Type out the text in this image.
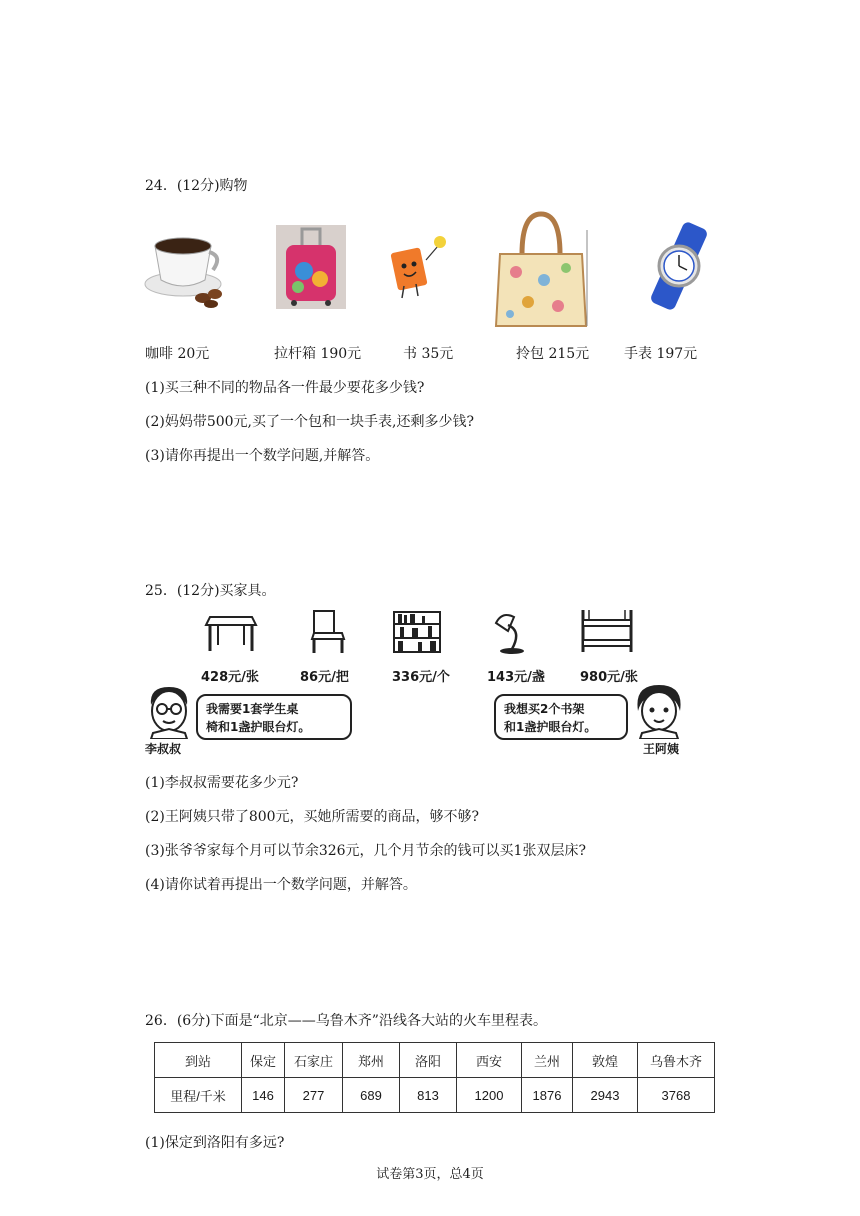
24．(12分)购物
咖啡 20元	拉杆箱 190元	书 35元	拎包 215元 手表 197元
(1)买三种不同的物品各一件最少要花多少钱?
(2)妈妈带500元,买了一个包和一块手表,还剩多少钱?
(3)请你再提出一个数学问题,并解答。
25．(12分)买家具。
428元/张	86元/把	336元/个	143元/盏	980元/张
李叔叔
我需要1套学生桌
椅和1盏护眼台灯。
我想买2个书架
和1盏护眼台灯。
王阿姨
(1)李叔叔需要花多少元?
(2)王阿姨只带了800元，买她所需要的商品，够不够?
(3)张爷爷家每个月可以节余326元，几个月节余的钱可以买1张双层床?
(4)请你试着再提出一个数学问题，并解答。
26．(6分)下面是“北京——乌鲁木齐”沿线各大站的火车里程表。
到站	保定	石家庄	郑州	洛阳	西安	兰州	敦煌	乌鲁木齐
里程/千米	146	277	689	813	1200	1876	2943	3768
(1)保定到洛阳有多远?
试卷第3页，总4页
